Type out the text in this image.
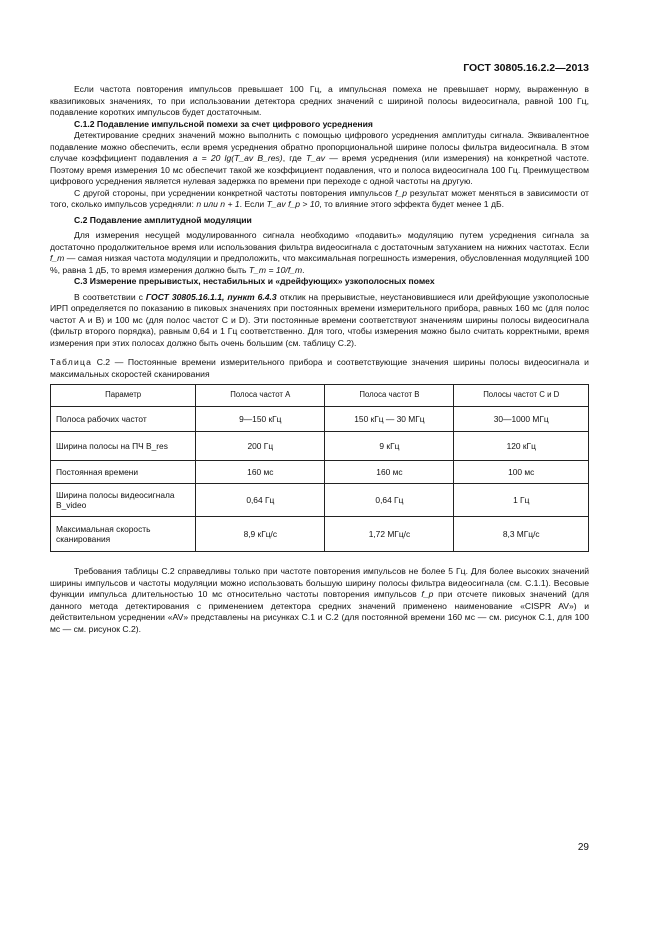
ГОСТ 30805.16.2.2—2013

Если частота повторения импульсов превышает 100 Гц, а импульсная помеха не превышает норму, выраженную в квазипиковых значениях, то при использовании детектора средних значений с шириной полосы видеосигнала, равной 100 Гц, подавление коротких импульсов будет достаточным.

С.1.2 Подавление импульсной помехи за счет цифрового усреднения

Детектирование средних значений можно выполнить с помощью цифрового усреднения амплитуды сигнала. Эквивалентное подавление можно обеспечить, если время усреднения обратно пропорциональной ширине полосы фильтра видеосигнала. В этом случае коэффициент подавления a = 20 lg(T_av B_res), где T_av — время усреднения (или измерения) на конкретной частоте. Поэтому время измерения 10 мс обеспечит такой же коэффициент подавления, что и полоса видеосигнала 100 Гц. Преимуществом цифрового усреднения является нулевая задержка по времени при переходе с одной частоты на другую.

С другой стороны, при усреднении конкретной частоты повторения импульсов f_p результат может меняться в зависимости от того, сколько импульсов усредняли: n или n + 1. Если T_av f_p > 10, то влияние этого эффекта будет менее 1 дБ.

С.2 Подавление амплитудной модуляции

Для измерения несущей модулированного сигнала необходимо «подавить» модуляцию путем усреднения сигнала за достаточно продолжительное время или использования фильтра видеосигнала с достаточным затуханием на нижних частотах. Если f_m — самая низкая частота модуляции и предположить, что максимальная погрешность измерения, обусловленная модуляцией 100 %, равна 1 дБ, то время измерения должно быть T_m = 10/f_m.

С.3 Измерение прерывистых, нестабильных и «дрейфующих» узкополосных помех

В соответствии с ГОСТ 30805.16.1.1, пункт 6.4.3 отклик на прерывистые, неустановившиеся или дрейфующие узкополосные ИРП определяется по показанию в пиковых значениях при постоянных времени измерительного прибора, равных 160 мс (для полос частот А и В) и 100 мс (для полос частот С и D). Эти постоянные времени соответствуют значениям ширины полосы видеосигнала (фильтр второго порядка), равным 0,64 и 1 Гц соответственно. Для того, чтобы измерения можно было считать корректными, время измерения при этих полосах должно быть очень большим (см. таблицу С.2).

Таблица С.2 — Постоянные времени измерительного прибора и соответствующие значения ширины полосы видеосигнала и максимальных скоростей сканирования
Параметр	Полоса частот А	Полоса частот В	Полосы частот С и D
Полоса рабочих частот	9—150 кГц	150 кГц — 30 МГц	30—1000 МГц
Ширина полосы на ПЧ B_res	200 Гц	9 кГц	120 кГц
Постоянная времени	160 мс	160 мс	100 мс
Ширина полосы видеосигнала B_video	0,64 Гц	0,64 Гц	1 Гц
Максимальная скорость сканирования	8,9 кГц/с	1,72 МГц/с	8,3 МГц/с

Требования таблицы С.2 справедливы только при частоте повторения импульсов не более 5 Гц. Для более высоких значений ширины импульсов и частоты модуляции можно использовать большую ширину полосы фильтра видеосигнала (см. С.1.1). Весовые функции импульса длительностью 10 мс относительно частоты повторения импульсов f_p при отсчете пиковых значений (для данного метода детектирования с применением детектора средних значений применено наименование «CISPR AV») и действительном усреднении «AV» представлены на рисунках С.1 и С.2 (для постоянной времени 160 мс — см. рисунок С.1, для 100 мс — см. рисунок С.2).

29
